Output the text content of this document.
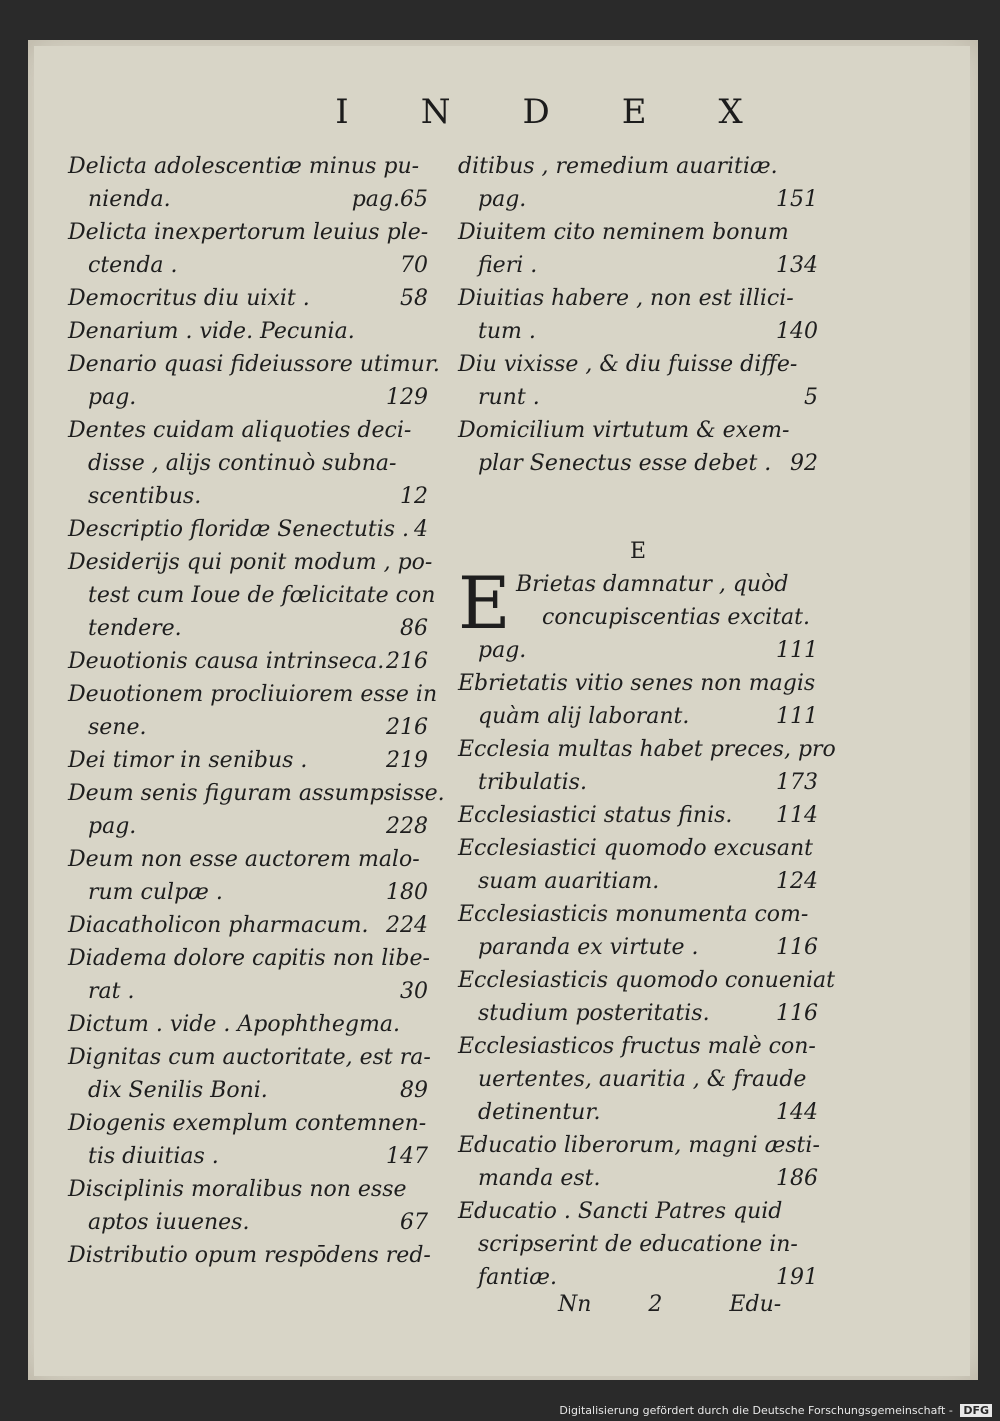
INDEX
Delicta adolescentiæ minus pu-
nienda.	pag.65
Delicta inexpertorum leuius ple-
ctenda .	70
Democritus diu uixit .	58
Denarium . vide. Pecunia.
Denario quasi fideiussore utimur.
pag.	129
Dentes cuidam aliquoties deci-
disse , alijs continuò subna-
scentibus.	12
Descriptio floridæ Senectutis . 4
Desiderijs qui ponit modum , po-
test cum Ioue de fœlicitate con
tendere.	86
Deuotionis causa intrinseca. 216
Deuotionem procliuiorem esse in
sene.	216
Dei timor in senibus .	219
Deum senis figuram assumpsisse.
pag.	228
Deum non esse auctorem malo-
rum culpæ .	180
Diacatholicon pharmacum. 224
Diadema dolore capitis non libe-
rat .	30
Dictum . vide . Apophthegma.
Dignitas cum auctoritate, est ra-
dix Senilis Boni.	89
Diogenis exemplum contemnen-
tis diuitias .	147
Disciplinis moralibus non esse
aptos iuuenes.	67
Distributio opum respōdens red-
ditibus , remedium auaritiæ.
pag.	151
Diuitem cito neminem bonum
fieri .	134
Diuitias habere , non est illici-
tum .	140
Diu vixisse , & diu fuisse diffe-
runt .	5
Domicilium virtutum & exem-
plar Senectus esse debet . 92
E
E Brietas damnatur , quòd
concupiscentias excitat.
pag.	111
Ebrietatis vitio senes non magis
quàm alij laborant.	111
Ecclesia multas habet preces, pro
tribulatis.	173
Ecclesiastici status finis. 114
Ecclesiastici quomodo excusant
suam auaritiam.	124
Ecclesiasticis monumenta com-
paranda ex virtute .	116
Ecclesiasticis quomodo conueniat
studium posteritatis.	116
Ecclesiasticos fructus malè con-
uertentes, auaritia , & fraude
detinentur.	144
Educatio liberorum, magni æsti-
manda est.	186
Educatio . Sancti Patres quid
scripserint de educatione in-
fantiæ.	191
Nn	2	Edu-
Digitalisierung gefördert durch die Deutsche Forschungsgemeinschaft - DFG
